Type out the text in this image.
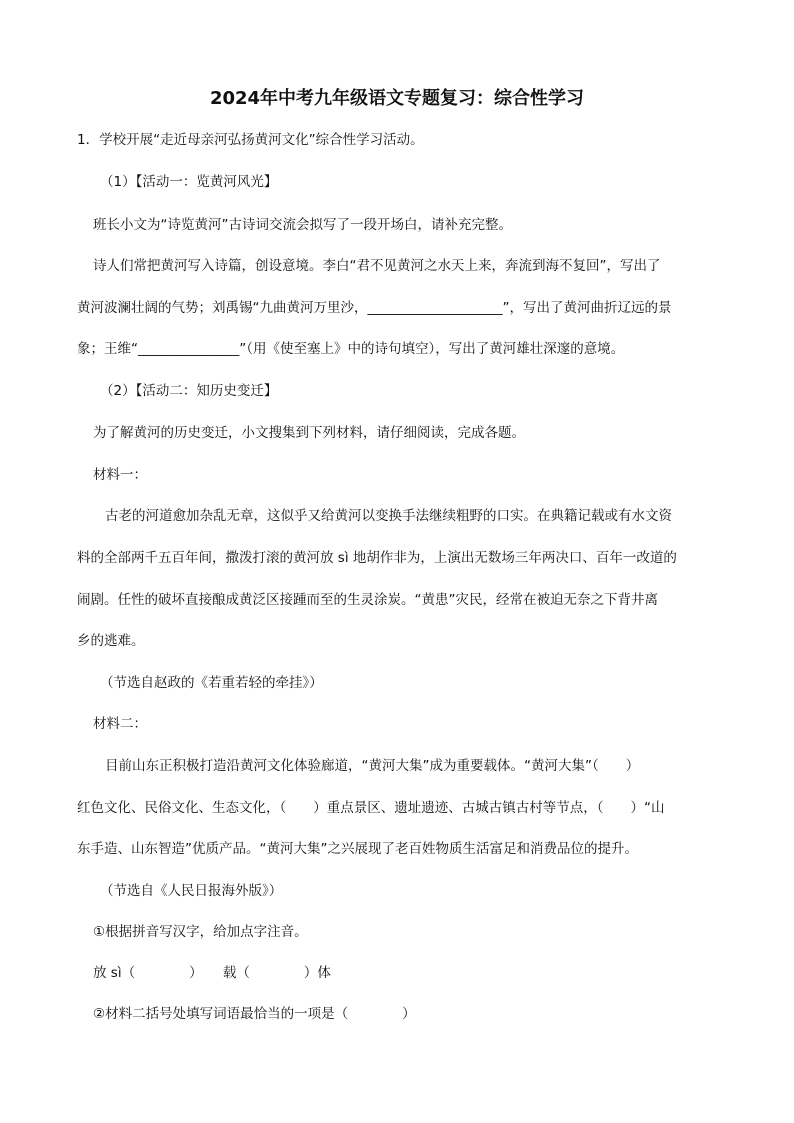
2024年中考九年级语文专题复习：综合性学习
1．学校开展“走近母亲河弘扬黄河文化”综合性学习活动。
（1）【活动一：览黄河风光】
班长小文为“诗览黄河”古诗词交流会拟写了一段开场白，请补充完整。
诗人们常把黄河写入诗篇，创设意境。李白“君不见黄河之水天上来，奔流到海不复回”，写出了
黄河波澜壮阔的气势；刘禹锡“九曲黄河万里沙，____________________”，写出了黄河曲折辽远的景
象；王维“_______________”（用《使至塞上》中的诗句填空），写出了黄河雄壮深邃的意境。
（2）【活动二：知历史变迁】
为了解黄河的历史变迁，小文搜集到下列材料，请仔细阅读，完成各题。
材料一：
古老的河道愈加杂乱无章，这似乎又给黄河以变换手法继续粗野的口实。在典籍记载或有水文资
料的全部两千五百年间，撒泼打滚的黄河放 sì 地胡作非为，上演出无数场三年两决口、百年一改道的
闹剧。任性的破坏直接酿成黄泛区接踵而至的生灵涂炭。“黄患”灾民，经常在被迫无奈之下背井离
乡的逃难。
（节选自赵政的《若重若轻的牵挂》）
材料二：
目前山东正积极打造沿黄河文化体验廊道，“黄河大集”成为重要载体。“黄河大集”（　　）
红色文化、民俗文化、生态文化，（　　）重点景区、遗址遗迹、古城古镇古村等节点，（　　）“山
东手造、山东智造”优质产品。“黄河大集”之兴展现了老百姓物质生活富足和消费品位的提升。
（节选自《人民日报海外版》）
①根据拼音写汉字，给加点字注音。
放 sì（　　　　）　　载（　　　　）体
②材料二括号处填写词语最恰当的一项是（　　　　）
